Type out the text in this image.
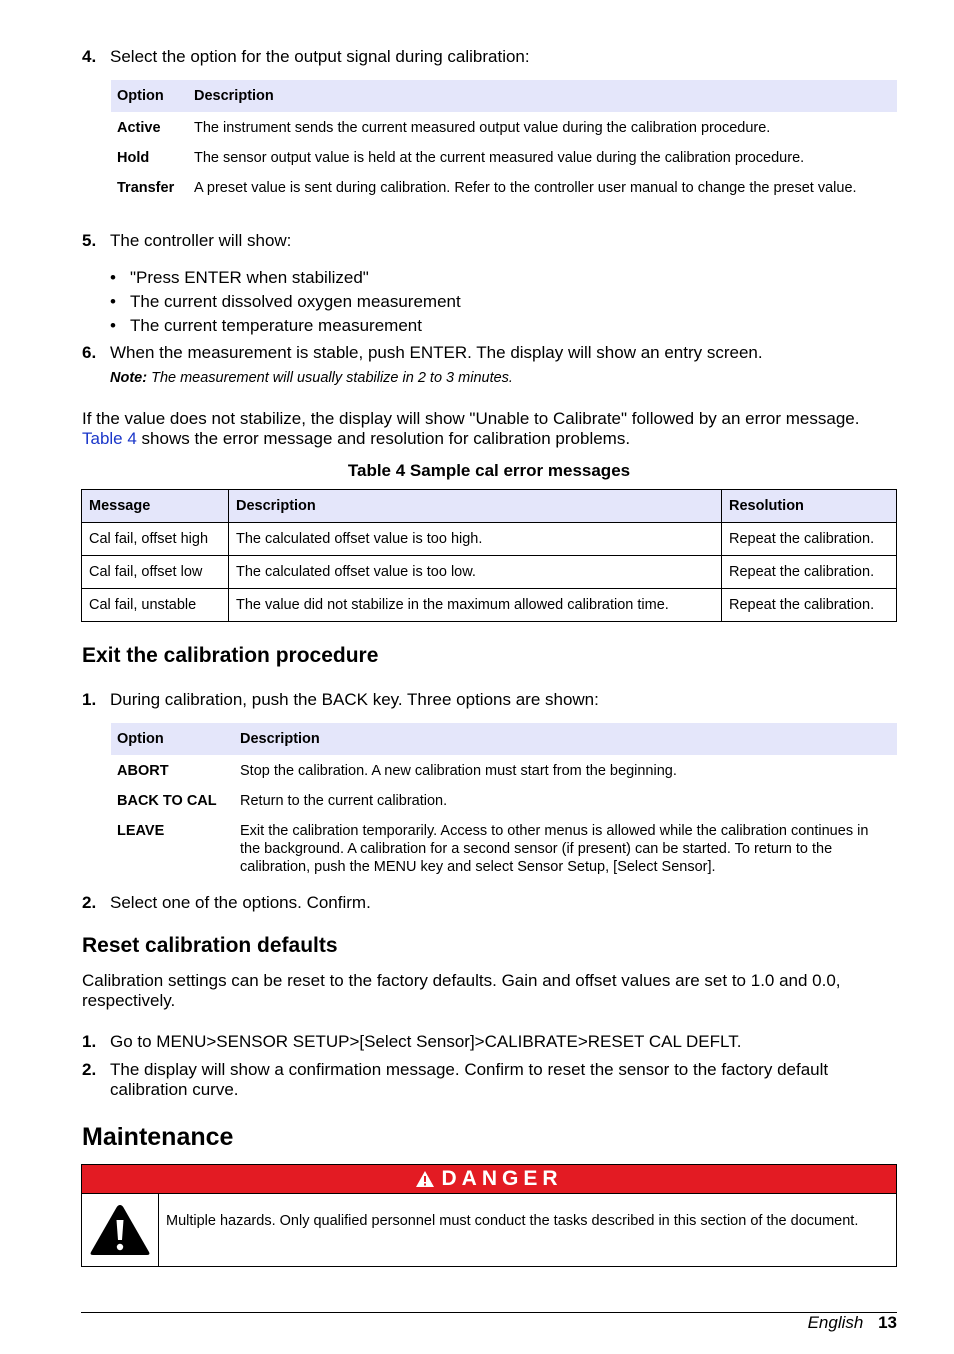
4. Select the option for the output signal during calibration:
Option	Description
Active	The instrument sends the current measured output value during the calibration procedure.
Hold	The sensor output value is held at the current measured value during the calibration procedure.
Transfer	A preset value is sent during calibration. Refer to the controller user manual to change the preset value.
5. The controller will show:
• "Press ENTER when stabilized"
• The current dissolved oxygen measurement
• The current temperature measurement
6. When the measurement is stable, push ENTER. The display will show an entry screen.
Note: The measurement will usually stabilize in 2 to 3 minutes.
If the value does not stabilize, the display will show "Unable to Calibrate" followed by an error message. Table 4 shows the error message and resolution for calibration problems.
Table 4 Sample cal error messages
Message	Description	Resolution
Cal fail, offset high	The calculated offset value is too high.	Repeat the calibration.
Cal fail, offset low	The calculated offset value is too low.	Repeat the calibration.
Cal fail, unstable	The value did not stabilize in the maximum allowed calibration time.	Repeat the calibration.
Exit the calibration procedure
1. During calibration, push the BACK key. Three options are shown:
Option	Description
ABORT	Stop the calibration. A new calibration must start from the beginning.
BACK TO CAL	Return to the current calibration.
LEAVE	Exit the calibration temporarily. Access to other menus is allowed while the calibration continues in the background. A calibration for a second sensor (if present) can be started. To return to the calibration, push the MENU key and select Sensor Setup, [Select Sensor].
2. Select one of the options. Confirm.
Reset calibration defaults
Calibration settings can be reset to the factory defaults. Gain and offset values are set to 1.0 and 0.0, respectively.
1. Go to MENU>SENSOR SETUP>[Select Sensor]>CALIBRATE>RESET CAL DEFLT.
2. The display will show a confirmation message. Confirm to reset the sensor to the factory default calibration curve.
Maintenance
DANGER
Multiple hazards. Only qualified personnel must conduct the tasks described in this section of the document.
English 13
